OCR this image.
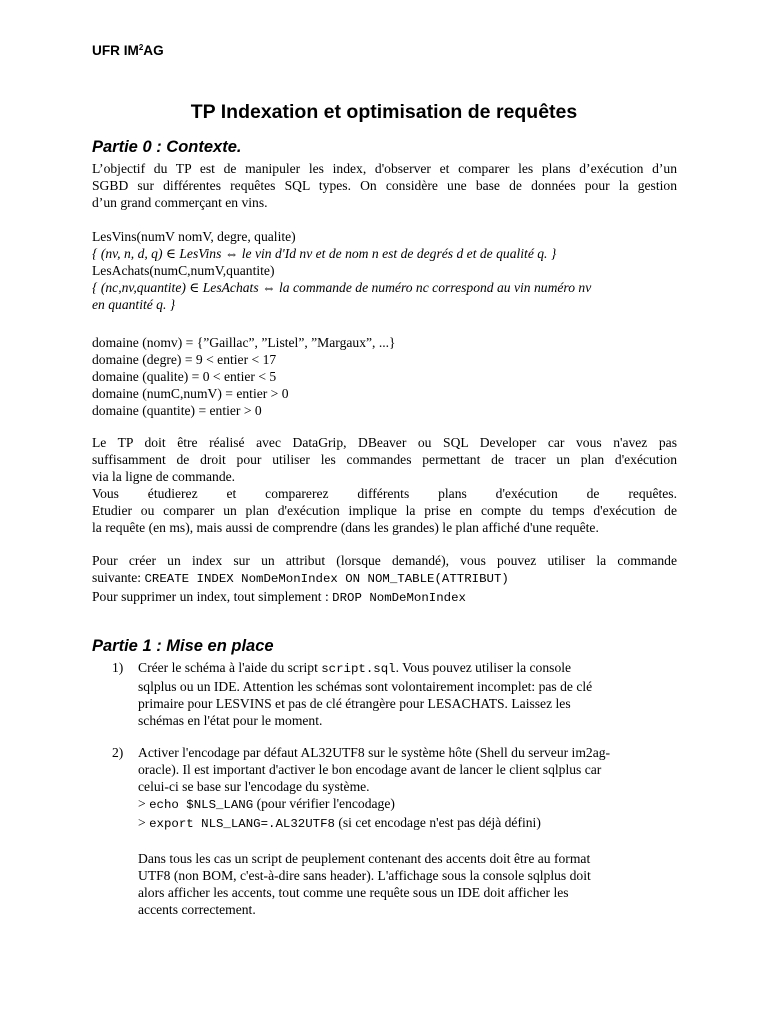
UFR $IM^2AG$
TP Indexation et optimisation de requêtes
Partie 0 : Contexte.

L’objectif du TP est de manipuler les index, d'observer et comparer les plans d’exécution d’un

SGBD sur différentes requêtes SQL types. On considère une base de données pour la gestion

d’un grand commerçant en vins.

LesVins(numV nomV, degre, qualite)

{ (nv, n, d, q) ∈ LesVins ⇔ le vin d'Id nv et de nom n est de degrés d et de qualité q. }

LesAchats(numC,numV,quantite)

{ (nc,nv,quantite) ∈ LesAchats ⇔ la commande de numéro nc correspond au vin numéro nv

en quantité q. }

domaine (nomv) = {”Gaillac”, ”Listel”, ”Margaux”, ...}

domaine (degre) = 9 < entier < 17

domaine (qualite) = 0 < entier < 5

domaine (numC,numV) = entier > 0

domaine (quantite) = entier > 0

Le TP doit être réalisé avec DataGrip, DBeaver ou SQL Developer car vous n'avez pas

suffisamment de droit pour utiliser les commandes permettant de tracer un plan d'exécution

via la ligne de commande.

Vous étudierez et comparerez différents plans d'exécution de requêtes.

Etudier ou comparer un plan d'exécution implique la prise en compte du temps d'exécution de

la requête (en ms), mais aussi de comprendre (dans les grandes) le plan affiché d'une requête.

Pour créer un index sur un attribut (lorsque demandé), vous pouvez utiliser la commande

suivante: CREATE INDEX NomDeMonIndex ON NOM_TABLE(ATTRIBUT)

Pour supprimer un index, tout simplement : DROP NomDeMonIndex

Partie 1 : Mise en place
1) Créer le schéma à l'aide du script script.sql. Vous pouvez utiliser la console

sqlplus ou un IDE. Attention les schémas sont volontairement incomplet: pas de clé

primaire pour LESVINS et pas de clé étrangère pour LESACHATS. Laissez les

schémas en l'état pour le moment.

2) Activer l'encodage par défaut AL32UTF8 sur le système hôte (Shell du serveur im2ag-

oracle). Il est important d'activer le bon encodage avant de lancer le client sqlplus car

celui-ci se base sur l'encodage du système.

> echo $NLS_LANG (pour vérifier l'encodage)

> export NLS_LANG=.AL32UTF8 (si cet encodage n'est pas déjà défini)

Dans tous les cas un script de peuplement contenant des accents doit être au format

UTF8 (non BOM, c'est-à-dire sans header). L'affichage sous la console sqlplus doit

alors afficher les accents, tout comme une requête sous un IDE doit afficher les

accents correctement.
